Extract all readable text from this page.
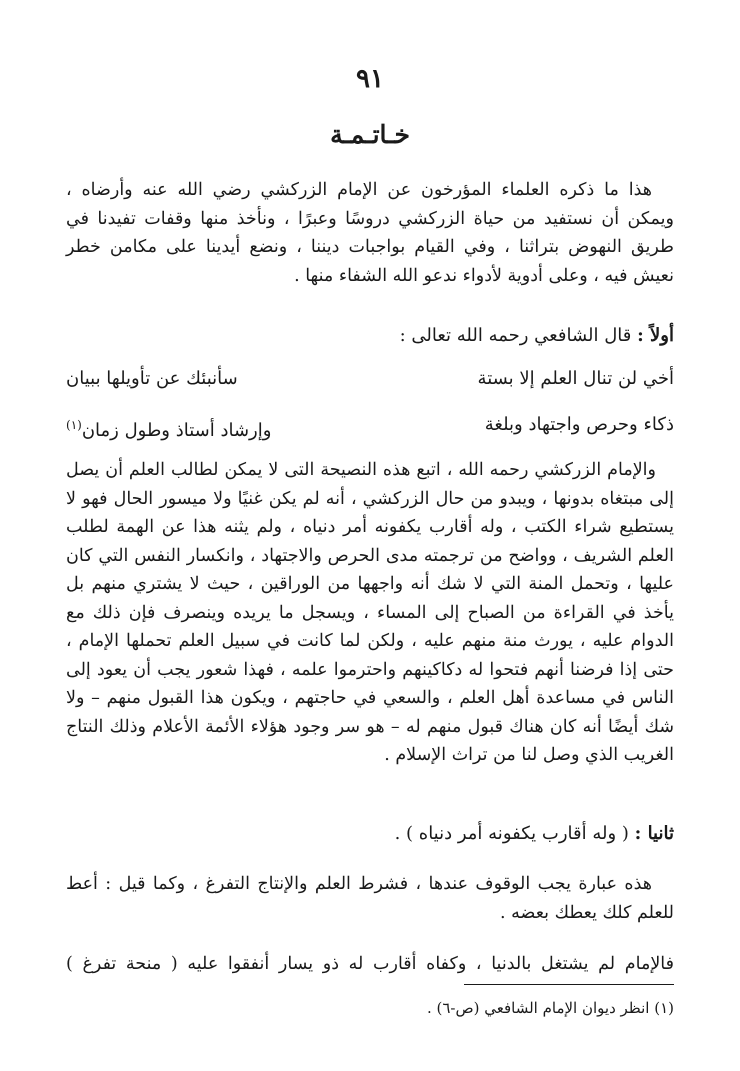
٩١
خـاتـمـة

هذا ما ذكره العلماء المؤرخون عن الإمام الزركشي رضي الله عنه وأرضاه ، ويمكن أن نستفيد من حياة الزركشي دروسًا وعبرًا ، ونأخذ منها وقفات تفيدنا في طريق النهوض بتراثنا ، وفي القيام بواجبات ديننا ، ونضع أيدينا على مكامن خطر نعيش فيه ، وعلى أدوية لأدواء ندعو الله الشفاء منها .

أولاً : قال الشافعي رحمه الله تعالى :
أخي لن تنال العلم إلا بستة
سأنبئك عن تأويلها ببيان
ذكاء وحرص واجتهاد وبلغة
وإرشاد أستاذ وطول زمان$^{(١)}$

والإمام الزركشي رحمه الله ، اتبع هذه النصيحة التى لا يمكن لطالب العلم أن يصل إلى مبتغاه بدونها ، ويبدو من حال الزركشي ، أنه لم يكن غنيًا ولا ميسور الحال فهو لا يستطيع شراء الكتب ، وله أقارب يكفونه أمر دنياه ، ولم يثنه هذا عن الهمة لطلب العلم الشريف ، وواضح من ترجمته مدى الحرص والاجتهاد ، وانكسار النفس التي كان عليها ، وتحمل المنة التي لا شك أنه واجهها من الوراقين ، حيث لا يشتري منهم بل يأخذ في القراءة من الصباح إلى المساء ، ويسجل ما يريده وينصرف فإن ذلك مع الدوام عليه ، يورث منة منهم عليه ، ولكن لما كانت في سبيل العلم تحملها الإمام ، حتى إذا فرضنا أنهم فتحوا له دكاكينهم واحترموا علمه ، فهذا شعور يجب أن يعود إلى الناس في مساعدة أهل العلم ، والسعي في حاجتهم ، ويكون هذا القبول منهم – ولا شك أيضًا أنه كان هناك قبول منهم له – هو سر وجود هؤلاء الأئمة الأعلام وذلك النتاج الغريب الذي وصل لنا من تراث الإسلام .

ثانيا : ( وله أقارب يكفونه أمر دنياه ) .

هذه عبارة يجب الوقوف عندها ، فشرط العلم والإنتاج التفرغ ، وكما قيل : أعط للعلم كلك يعطك بعضه .

فالإمام لم يشتغل بالدنيا ، وكفاه أقارب له ذو يسار أنفقوا عليه ( منحة تفرغ )
(١) انظر ديوان الإمام الشافعي (ص-٦) .
